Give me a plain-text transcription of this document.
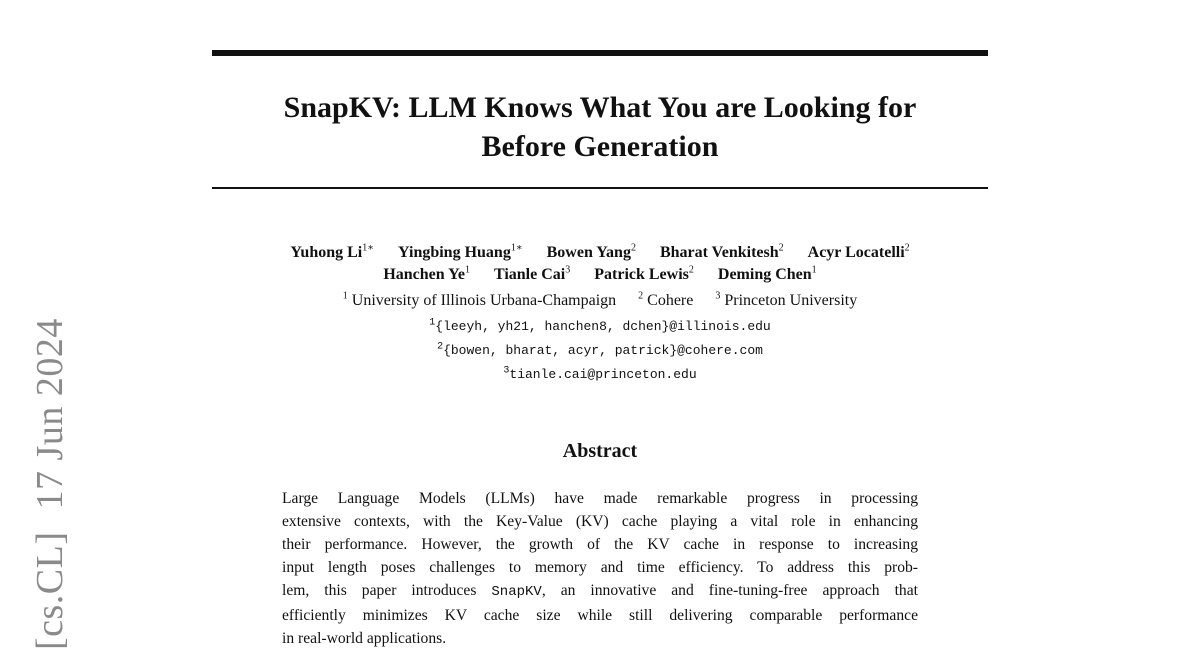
[cs.CL]17 Jun 2024
SnapKV: LLM Knows What You are Looking for
Before Generation
Yuhong $Li^{1∗}$ Yingbing Huang$^{1∗}$ Bowen Yang$^2$ Bharat Venkitesh$^2$ Acyr Locatelli$^2$
Hanchen Ye$^1$ Tianle Cai$^3$ Patrick Lewis$^2$ Deming Chen$^1$
$^1$ University of Illinois Urbana-Champaign $^2$ Cohere $^3$ Princeton University
$^1${leeyh, yh21, hanchen8, dchen}@illinois.edu
$^2${bowen, bharat, acyr, patrick}@cohere.com
$^3$tianle.cai@princeton.edu
Abstract
Large Language Models (LLMs) have made remarkable progress in processing
extensive contexts, with the Key-Value (KV) cache playing a vital role in enhancing
their performance. However, the growth of the KV cache in response to increasing
input length poses challenges to memory and time efficiency. To address this prob-
lem, this paper introduces SnapKV, an innovative and fine-tuning-free approach that
efficiently minimizes KV cache size while still delivering comparable performance
in real-world applications.
